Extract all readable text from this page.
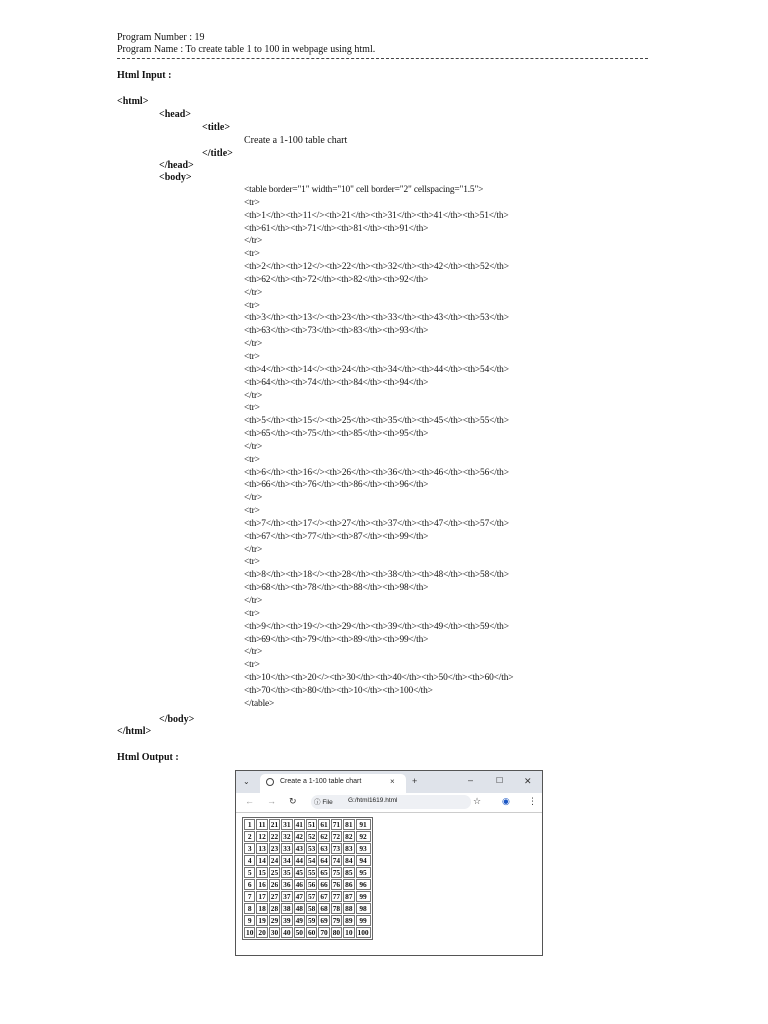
Program Number : 19
Program Name : To create table 1 to 100 in webpage using html.
Html Input :
<html>
<head>
<title>
Create a 1-100 table chart
</title>
</head>
<body>
<table border="1" width="10" cell border="2" cellspacing="1.5">
<tr>
<th>1</th><th>11</><th>21</th><th>31</th><th>41</th><th>51</th>
<th>61</th><th>71</th><th>81</th><th>91</th>
</tr>
<tr>
<th>2</th><th>12</><th>22</th><th>32</th><th>42</th><th>52</th>
<th>62</th><th>72</th><th>82</th><th>92</th>
</tr>
<tr>
<th>3</th><th>13</><th>23</th><th>33</th><th>43</th><th>53</th>
<th>63</th><th>73</th><th>83</th><th>93</th>
</tr>
<tr>
<th>4</th><th>14</><th>24</th><th>34</th><th>44</th><th>54</th>
<th>64</th><th>74</th><th>84</th><th>94</th>
</tr>
<tr>
<th>5</th><th>15</><th>25</th><th>35</th><th>45</th><th>55</th>
<th>65</th><th>75</th><th>85</th><th>95</th>
</tr>
<tr>
<th>6</th><th>16</><th>26</th><th>36</th><th>46</th><th>56</th>
<th>66</th><th>76</th><th>86</th><th>96</th>
</tr>
<tr>
<th>7</th><th>17</><th>27</th><th>37</th><th>47</th><th>57</th>
<th>67</th><th>77</th><th>87</th><th>99</th>
</tr>
<tr>
<th>8</th><th>18</><th>28</th><th>38</th><th>48</th><th>58</th>
<th>68</th><th>78</th><th>88</th><th>98</th>
</tr>
<tr>
<th>9</th><th>19</><th>29</th><th>39</th><th>49</th><th>59</th>
<th>69</th><th>79</th><th>89</th><th>99</th>
</tr>
<tr>
<th>10</th><th>20</><th>30</th><th>40</th><th>50</th><th>60</th>
<th>70</th><th>80</th><th>10</th><th>100</th>
</table>
</body>
</html>
Html Output :
⌄	Create a 1-100 table chart	× +	–	☐ ✕
← → ↻	☆ ◉ ⋮
ⓘ File G:/html1619.html
1	11	21	31	41	51	61	71	81	91
2	12	22	32	42	52	62	72	82	92
3	13	23	33	43	53	63	73	83	93
4	14	24	34	44	54	64	74	84	94
5	15	25	35	45	55	65	75	85	95
6	16	26	36	46	56	66	76	86	96
7	17	27	37	47	57	67	77	87	99
8	18	28	38	48	58	68	78	88	98
9	19	29	39	49	59	69	79	89	99
10	20	30	40	50	60	70	80	10	100
